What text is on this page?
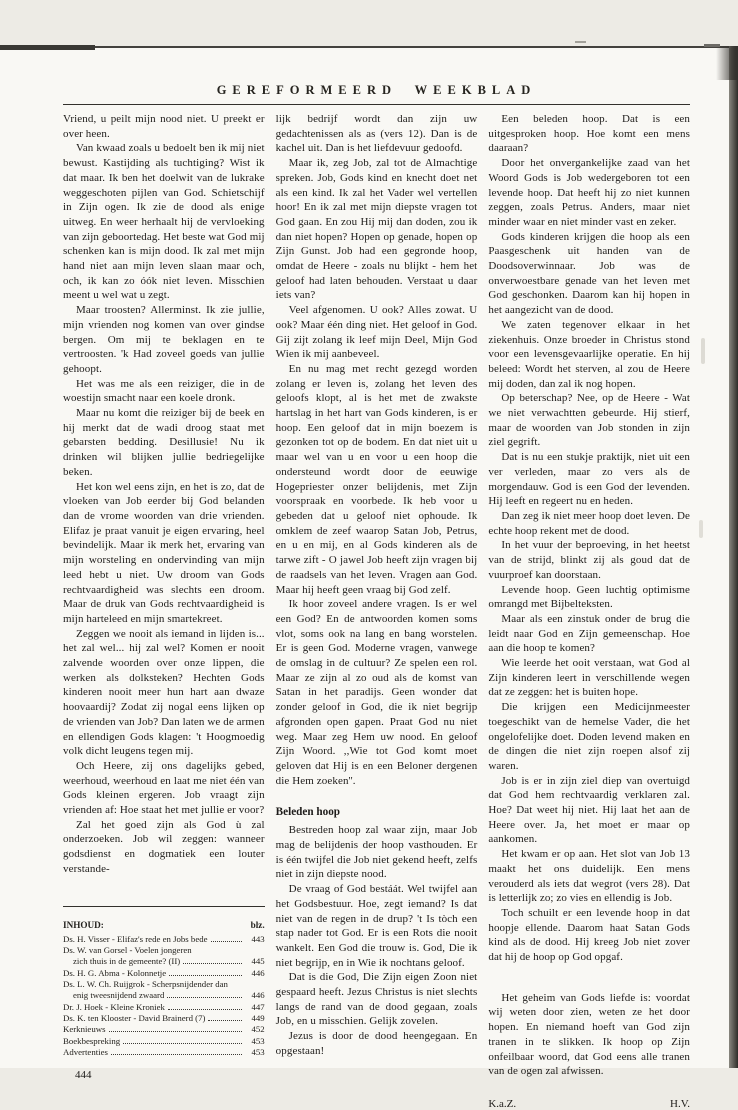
GEREFORMEERD WEEKBLAD

Vriend, u peilt mijn nood niet. U preekt er over heen.

Van kwaad zoals u bedoelt ben ik mij niet bewust. Kastijding als tuchtiging? Wist ik dat maar. Ik ben het doelwit van de lukrake weggeschoten pijlen van God. Schietschijf in Zijn ogen. Ik zie de dood als enige uitweg. En weer herhaalt hij de vervloeking van zijn geboortedag. Het beste wat God mij schenken kan is mijn dood. Ik zal met mijn hand niet aan mijn leven slaan maar och, och, ik kan zo óók niet leven. Misschien meent u wel wat u zegt.

Maar troosten? Allerminst. Ik zie jullie, mijn vrienden nog komen van over gindse bergen. Om mij te beklagen en te vertroosten. 'k Had zoveel goeds van jullie gehoopt.

Het was me als een reiziger, die in de woestijn smacht naar een koele dronk.

Maar nu komt die reiziger bij de beek en hij merkt dat de wadi droog staat met gebarsten bedding. Desillusie! Nu ik drinken wil blijken jullie bedriegelijke beken.

Het kon wel eens zijn, en het is zo, dat de vloeken van Job eerder bij God belanden dan de vrome woorden van drie vrienden. Elifaz je praat vanuit je eigen ervaring, heel bevindelijk. Maar ik merk het, ervaring van mijn worsteling en ondervinding van mijn leed hebt u niet. Uw droom van Gods rechtvaardigheid was slechts een droom. Maar de druk van Gods rechtvaardigheid is mijn harteleed en mijn smartekreet.

Zeggen we nooit als iemand in lijden is... het zal wel... hij zal wel? Komen er nooit zalvende woorden over onze lippen, die werken als dolksteken? Hechten Gods kinderen nooit meer hun hart aan dwaze hoovaardij? Zodat zij nogal eens lijken op de vrienden van Job? Dan laten we de armen en ellendigen Gods klagen: 't Hoogmoedig volk dicht leugens tegen mij.

Och Heere, zij ons dagelijks gebed, weerhoud, weerhoud en laat me niet één van Gods kleinen ergeren. Job vraagt zijn vrienden af: Hoe staat het met jullie er voor?

Zal het goed zijn als God ù zal onderzoeken. Job wil zeggen: wanneer godsdienst en dogmatiek een louter verstande-

INHOUD:	blz.
Ds. H. Visser - Elifaz's rede en Jobs bede	443
Ds. W. van Gorsel - Voelen jongeren
zich thuis in de gemeente? (II)	445
Ds. H. G. Abma - Kolonnetje	446
Ds. L. W. Ch. Ruijgrok - Scherpsnijdender dan
enig tweesnijdend zwaard	446
Dr. J. Hoek - Kleine Kroniek	447
Ds. K. ten Klooster - David Brainerd (7)	449
Kerknieuws	452
Boekbespreking	453
Advertenties	453
444

lijk bedrijf wordt dan zijn uw gedachtenissen als as (vers 12). Dan is de kachel uit. Dan is het liefdevuur gedoofd.

Maar ik, zeg Job, zal tot de Almachtige spreken. Job, Gods kind en knecht doet net als een kind. Ik zal het Vader wel vertellen hoor! En ik zal met mijn diepste vragen tot God gaan. En zou Hij mij dan doden, zou ik dan niet hopen? Hopen op genade, hopen op Zijn Gunst. Job had een gegronde hoop, omdat de Heere - zoals nu blijkt - hem het geloof had laten behouden. Verstaat u daar iets van?

Veel afgenomen. U ook? Alles zowat. U ook? Maar één ding niet. Het geloof in God. Gij zijt zolang ik leef mijn Deel, Mijn God Wien ik mij aanbeveel.

En nu mag met recht gezegd worden zolang er leven is, zolang het leven des geloofs klopt, al is het met de zwakste hartslag in het hart van Gods kinderen, is er hoop. Een geloof dat in mijn boezem is gezonken tot op de bodem. En dat niet uit u maar wel van u en voor u een hoop die ondersteund wordt door de eeuwige Hogepriester onzer belijdenis, met Zijn voorspraak en voorbede. Ik heb voor u gebeden dat u geloof niet ophoude. Ik omklem de zeef waarop Satan Job, Petrus, en u en mij, en al Gods kinderen als de tarwe zift - O jawel Job heeft zijn vragen bij de raadsels van het leven. Vragen aan God. Maar hij heeft geen vraag bij God zelf.

Ik hoor zoveel andere vragen. Is er wel een God? En de antwoorden komen soms vlot, soms ook na lang en bang worstelen. Er is geen God. Moderne vragen, vanwege de omslag in de cultuur? Ze spelen een rol. Maar ze zijn al zo oud als de komst van Satan in het paradijs. Geen wonder dat zonder geloof in God, die ik niet begrijp afgronden open gapen. Praat God nu niet weg. Maar zeg Hem uw nood. En geloof Zijn Woord. ,,Wie tot God komt moet geloven dat Hij is en een Beloner dergenen die Hem zoeken''.

Beleden hoop

Bestreden hoop zal waar zijn, maar Job mag de belijdenis der hoop vasthouden. Er is één twijfel die Job niet gekend heeft, zelfs niet in zijn diepste nood.

De vraag of God bestáát. Wel twijfel aan het Godsbestuur. Hoe, zegt iemand? Is dat niet van de regen in de drup? 't Is tòch een stap nader tot God. Er is een Rots die nooit wankelt. Een God die trouw is. God, Die ik niet begrijp, en in Wie ik nochtans geloof.

Dat is die God, Die Zijn eigen Zoon niet gespaard heeft. Jezus Christus is niet slechts langs de rand van de dood gegaan, zoals Job, en u misschien. Gelijk zovelen.

Jezus is door de dood heengegaan. En opgestaan!

Een beleden hoop. Dat is een uitgesproken hoop. Hoe komt een mens daaraan?

Door het onvergankelijke zaad van het Woord Gods is Job wedergeboren tot een levende hoop. Dat heeft hij zo niet kunnen zeggen, zoals Petrus. Anders, maar niet minder waar en niet minder vast en zeker.

Gods kinderen krijgen die hoop als een Paasgeschenk uit handen van de Doodsoverwinnaar. Job was de onverwoestbare genade van het leven met God geschonken. Daarom kan hij hopen in het aangezicht van de dood.

We zaten tegenover elkaar in het ziekenhuis. Onze broeder in Christus stond voor een levensgevaarlijke operatie. En hij beleed: Wordt het sterven, al zou de Heere mij doden, dan zal ik nog hopen.

Op beterschap? Nee, op de Heere - Wat we niet verwachtten gebeurde. Hij stierf, maar de woorden van Job stonden in zijn ziel gegrift.

Dat is nu een stukje praktijk, niet uit een ver verleden, maar zo vers als de morgendauw. God is een God der levenden. Hij leeft en regeert nu en heden.

Dan zeg ik niet meer hoop doet leven. De echte hoop rekent met de dood.

In het vuur der beproeving, in het heetst van de strijd, blinkt zij als goud dat de vuurproef kan doorstaan.

Levende hoop. Geen luchtig optimisme omrangd met Bijbelteksten.

Maar als een zinstuk onder de brug die leidt naar God en Zijn gemeenschap. Hoe aan die hoop te komen?

Wie leerde het ooit verstaan, wat God al Zijn kinderen leert in verschillende wegen dat ze zeggen: het is buiten hope.

Die krijgen een Medicijnmeester toegeschikt van de hemelse Vader, die het ongelofelijke doet. Doden levend maken en de dingen die niet zijn roepen alsof zij waren.

Job is er in zijn ziel diep van overtuigd dat God hem rechtvaardig verklaren zal. Hoe? Dat weet hij niet. Hij laat het aan de Heere over. Ja, het moet er maar op aankomen.

Het kwam er op aan. Het slot van Job 13 maakt het ons duidelijk. Een mens verouderd als iets dat wegrot (vers 28). Dat is letterlijk zo; zo vies en ellendig is Job.

Toch schuilt er een levende hoop in dat hoopje ellende. Daarom haat Satan Gods kind als de dood. Hij kreeg Job niet zover dat hij de hoop op God opgaf.

Het geheim van Gods liefde is: voordat wij weten door zien, weten ze het door hopen. En niemand hoeft van God zijn tranen in te slikken. Ik hoop op Zijn onfeilbaar woord, dat God eens alle tranen van de ogen zal afwissen.

K.a.Z.	H.V.
